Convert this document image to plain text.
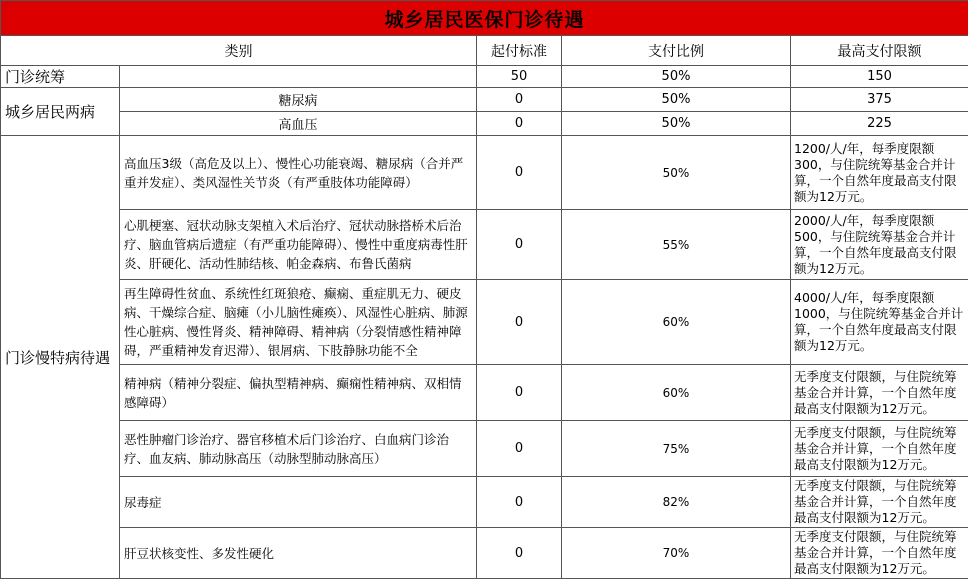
城乡居民医保门诊待遇				
类别		起付标准	支付比例	最高支付限额
门诊统筹		50	50%	150
城乡居民两病	糖尿病	0	50%	375
	高血压	0	50%	225
门诊慢特病待遇	高血压3级（高危及以上）、慢性心功能衰竭、糖尿病（合并严重并发症）、类风湿性关节炎（有严重肢体功能障碍）	0	50%	1200/人/年，每季度限额300，与住院统筹基金合并计算，一个自然年度最高支付限额为12万元。
	心肌梗塞、冠状动脉支架植入术后治疗、冠状动脉搭桥术后治疗、脑血管病后遗症（有严重功能障碍）、慢性中重度病毒性肝炎、肝硬化、活动性肺结核、帕金森病、布鲁氏菌病	0	55%	2000/人/年，每季度限额500，与住院统筹基金合并计算，一个自然年度最高支付限额为12万元。
	再生障碍性贫血、系统性红斑狼疮、癫痫、重症肌无力、硬皮病、干燥综合症、脑瘫（小儿脑性瘫痪）、风湿性心脏病、肺源性心脏病、慢性肾炎、精神障碍、精神病（分裂情感性精神障碍，严重精神发育迟滞）、银屑病、下肢静脉功能不全	0	60%	4000/人/年，每季度限额1000，与住院统筹基金合并计算，一个自然年度最高支付限额为12万元。
	精神病（精神分裂症、偏执型精神病、癫痫性精神病、双相情感障碍）	0	60%	无季度支付限额，与住院统筹基金合并计算，一个自然年度最高支付限额为12万元。
	恶性肿瘤门诊治疗、器官移植术后门诊治疗、白血病门诊治疗、血友病、肺动脉高压（动脉型肺动脉高压）	0	75%	无季度支付限额，与住院统筹基金合并计算，一个自然年度最高支付限额为12万元。
	尿毒症	0	82%	无季度支付限额，与住院统筹基金合并计算，一个自然年度最高支付限额为12万元。
	肝豆状核变性、多发性硬化	0	70%	无季度支付限额，与住院统筹基金合并计算，一个自然年度最高支付限额为12万元。
